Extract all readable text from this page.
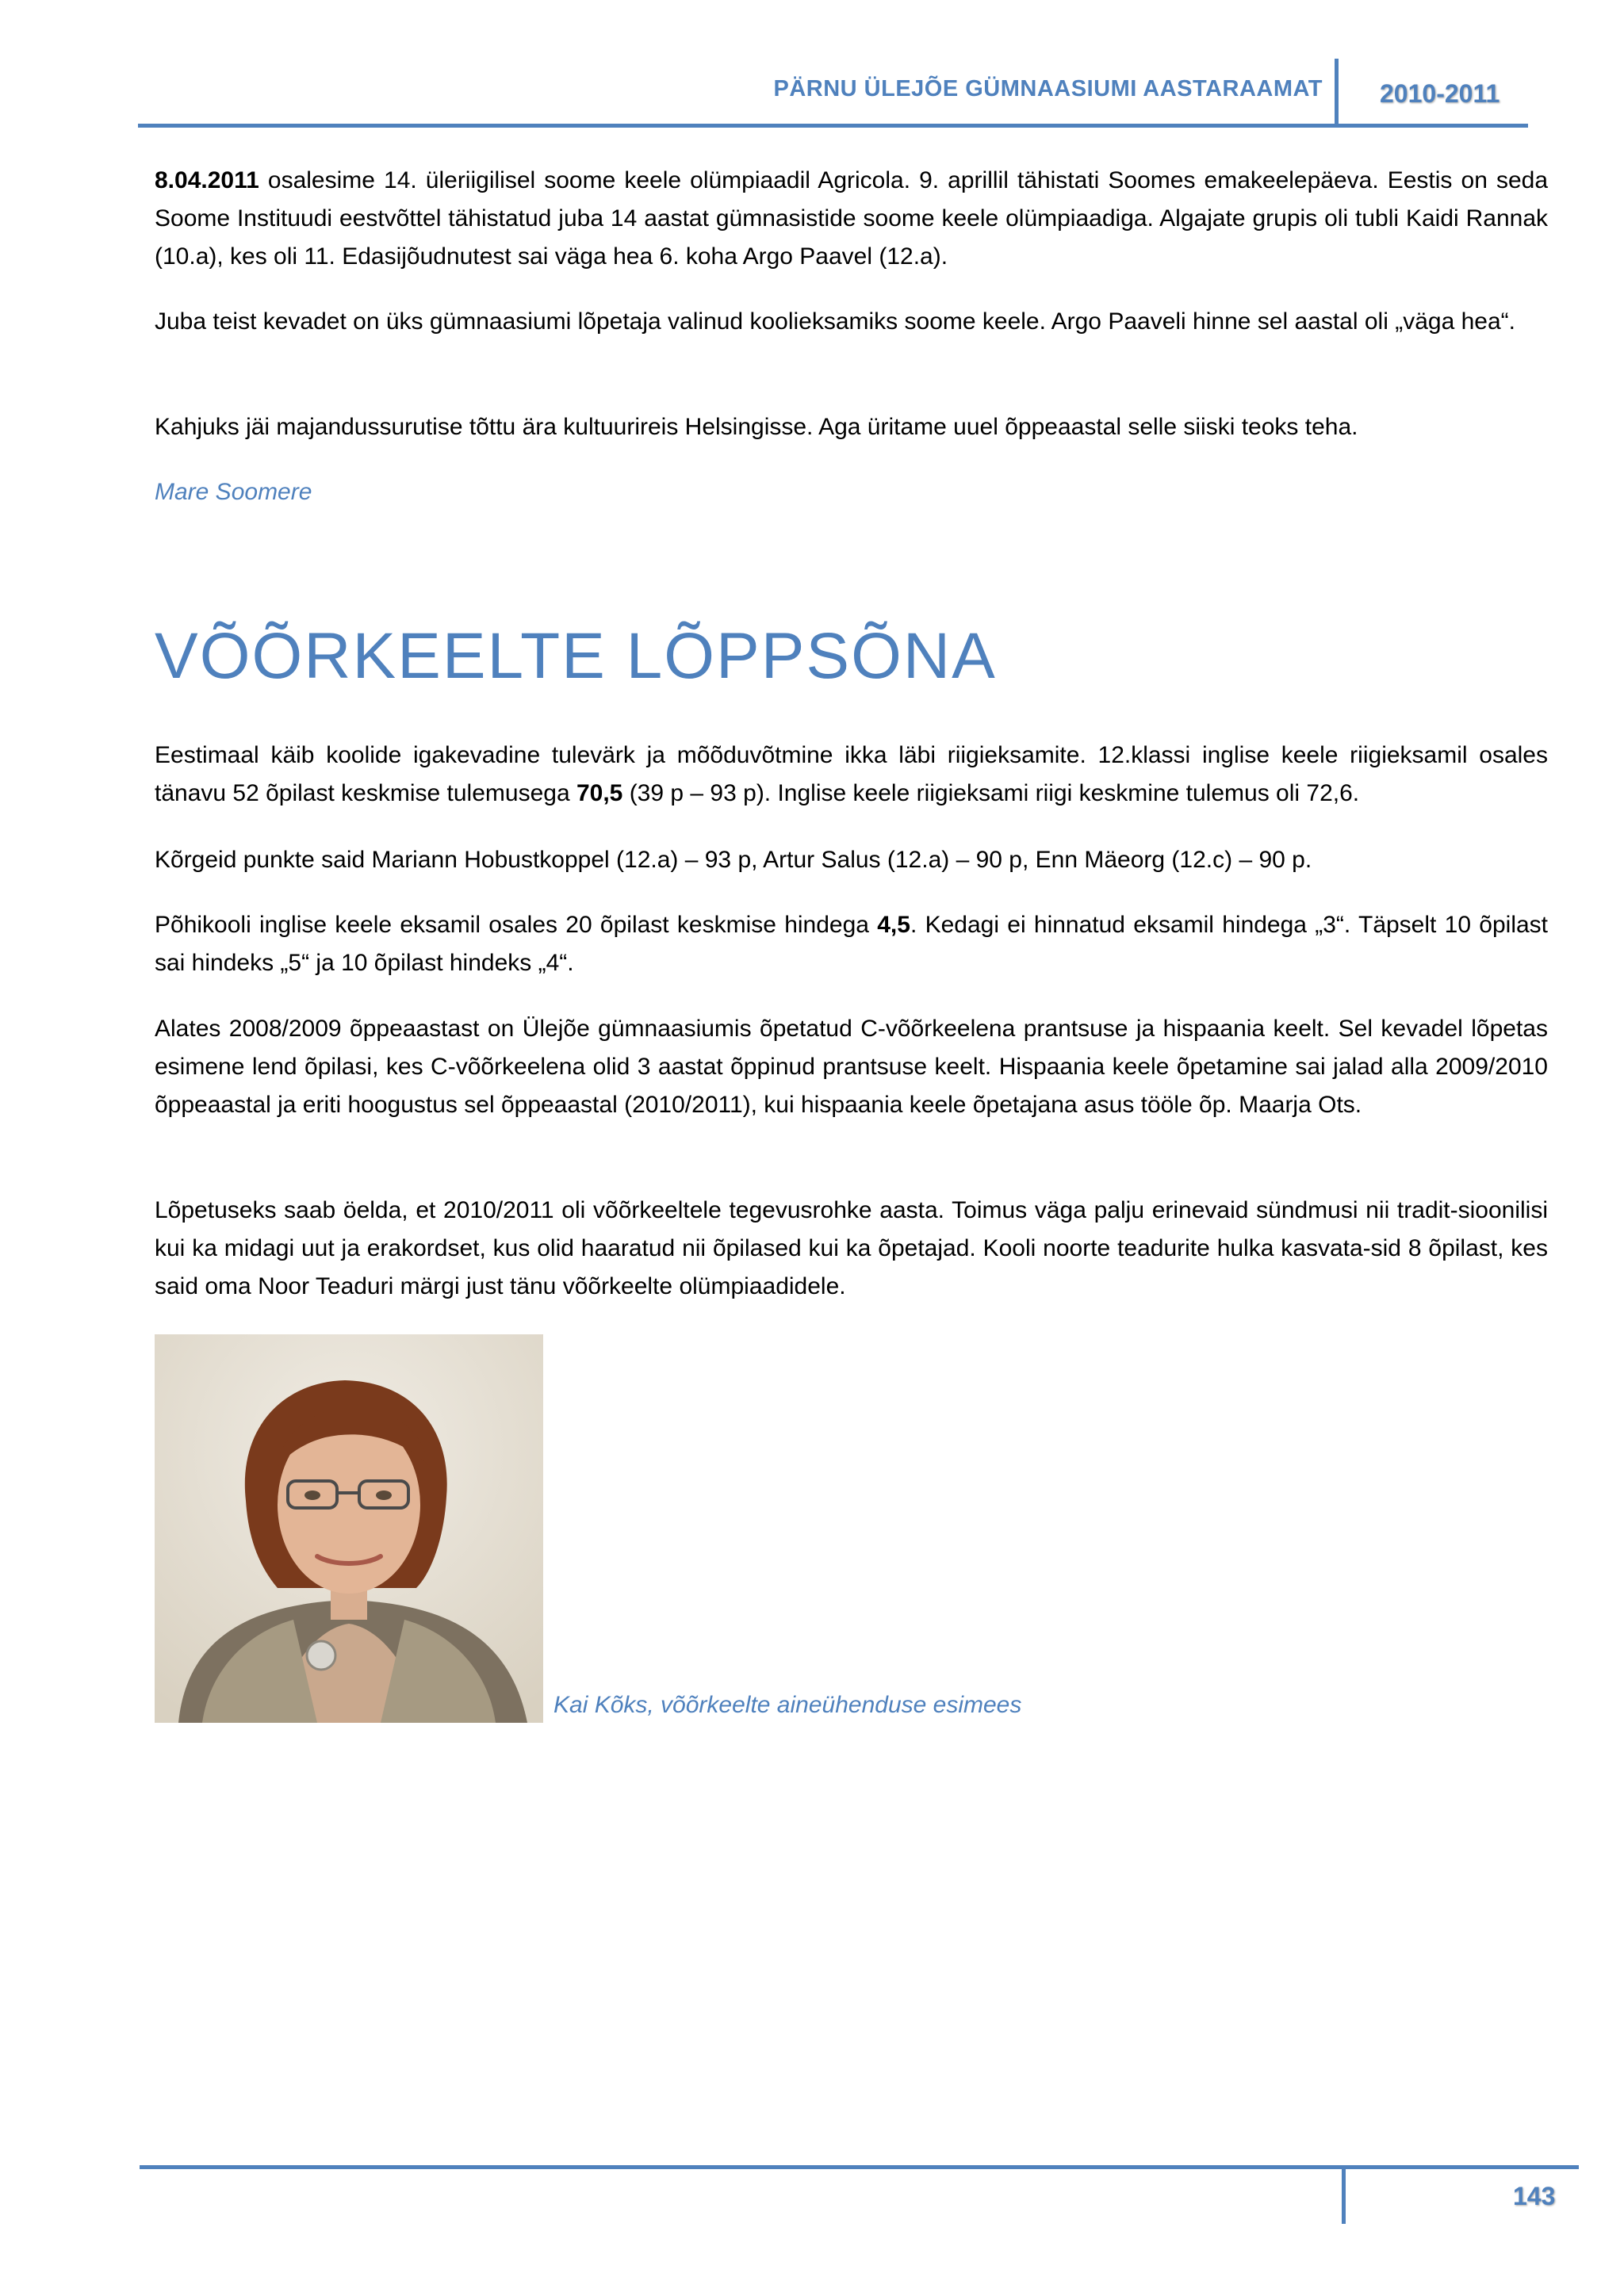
PÄRNU ÜLEJÕE GÜMNAASIUMI AASTARAAMAT 2010-2011

8.04.2011 osalesime 14. üleriigilisel soome keele olümpiaadil Agricola. 9. aprillil tähistati Soomes emakeelepäeva. Eestis on seda Soome Instituudi eestvõttel tähistatud juba 14 aastat gümnasistide soome keele olümpiaadiga. Algajate grupis oli tubli Kaidi Rannak (10.a), kes oli 11. Edasijõudnutest sai väga hea 6. koha Argo Paavel (12.a).

Juba teist kevadet on üks gümnaasiumi lõpetaja valinud koolieksamiks soome keele. Argo Paaveli hinne sel aastal oli „väga hea“.

Kahjuks jäi majandussurutise tõttu ära kultuurireis Helsingisse. Aga üritame uuel õppeaastal selle siiski teoks teha.

Mare Soomere
VÕÕRKEELTE LÕPPSÕNA

Eestimaal käib koolide igakevadine tulevärk ja mõõduvõtmine ikka läbi riigieksamite. 12.klassi inglise keele riigieksamil osales tänavu 52 õpilast keskmise tulemusega 70,5 (39 p – 93 p). Inglise keele riigieksami riigi keskmine tulemus oli 72,6.

Kõrgeid punkte said Mariann Hobustkoppel (12.a) – 93 p, Artur Salus (12.a) – 90 p, Enn Mäeorg (12.c) – 90 p.

Põhikooli inglise keele eksamil osales 20 õpilast keskmise hindega 4,5. Kedagi ei hinnatud eksamil hindega „3“. Täpselt 10 õpilast sai hindeks „5“ ja 10 õpilast hindeks „4“.

Alates 2008/2009 õppeaastast on Ülejõe gümnaasiumis õpetatud C-võõrkeelena prantsuse ja hispaania keelt. Sel kevadel lõpetas esimene lend õpilasi, kes C-võõrkeelena olid 3 aastat õppinud prantsuse keelt. Hispaania keele õpetamine sai jalad alla 2009/2010 õppeaastal ja eriti hoogustus sel õppeaastal (2010/2011), kui hispaania keele õpetajana asus tööle õp. Maarja Ots.

Lõpetuseks saab öelda, et 2010/2011 oli võõrkeeltele tegevusrohke aasta. Toimus väga palju erinevaid sündmusi nii tradit-sioonilisi kui ka midagi uut ja erakordset, kus olid haaratud nii õpilased kui ka õpetajad. Kooli noorte teadurite hulka kasvata-sid 8 õpilast, kes said oma Noor Teaduri märgi just tänu võõrkeelte olümpiaadidele.

Kai Kõks, võõrkeelte aineühenduse esimees
143
